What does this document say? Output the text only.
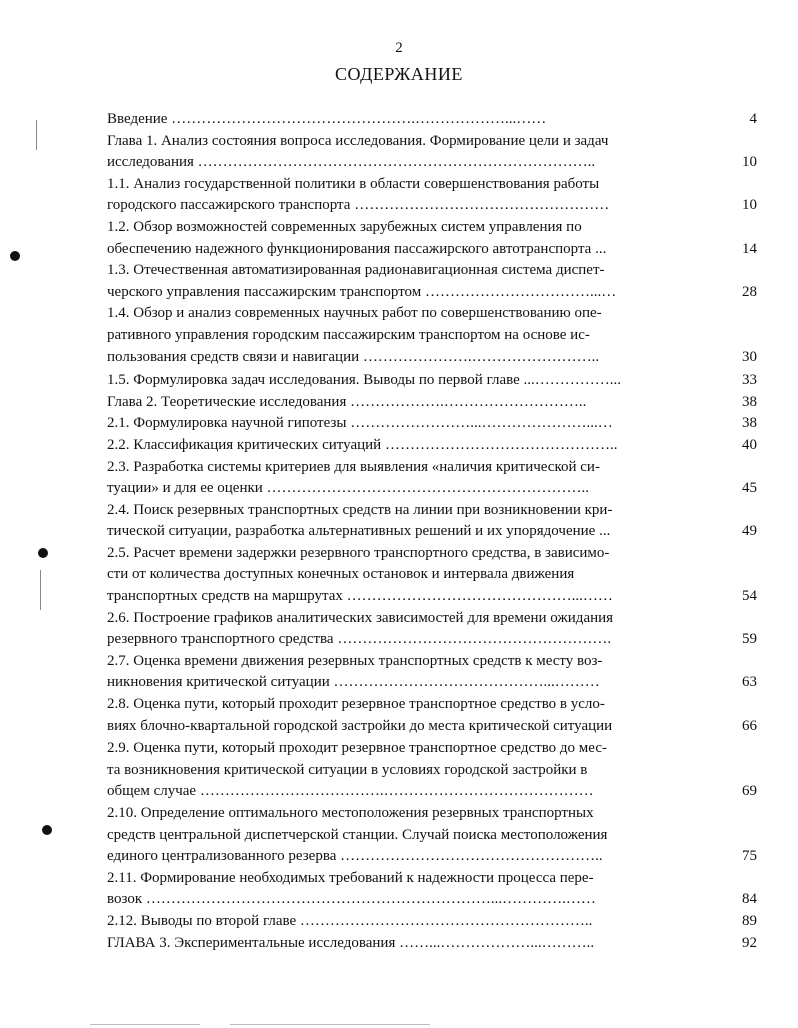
2
СОДЕРЖАНИЕ
Введение ………………………………………….………………...……	4
Глава 1. Анализ состояния вопроса исследования. Формирование цели и задач
исследования ……………………………………………………………………..	10
1.1. Анализ государственной политики в области совершенствования работы
городского пассажирского транспорта ……………………………………………	10
1.2. Обзор возможностей современных зарубежных систем управления по
обеспечению надежного функционирования пассажирского автотранспорта ...	14
1.3. Отечественная автоматизированная радионавигационная система диспет-
черского управления пассажирским транспортом ……………………………...…	28
1.4. Обзор и анализ современных научных работ по совершенствованию опе-
ративного управления городским пассажирским транспортом на основе ис-
пользования средств связи и навигации ………………….……………………..	30
1.5. Формулировка задач исследования. Выводы по первой главе ...……………...	33
Глава 2. Теоретические исследования ……………….………………………..	38
2.1. Формулировка научной гипотезы ……………………...…………………...…	38
2.2. Классификация критических ситуаций ………………………………………..	40
2.3. Разработка системы критериев для выявления «наличия критической си-
туации» и для ее оценки ………………………………………………………..	45
2.4. Поиск резервных транспортных средств на линии при возникновении кри-
тической ситуации, разработка альтернативных решений и их упорядочение ...	49
2.5. Расчет времени задержки резервного транспортного средства, в зависимо-
сти от количества доступных конечных остановок и интервала движения
транспортных средств на маршрутах ………………………………………...……	54
2.6. Построение графиков аналитических зависимостей для времени ожидания
резервного транспортного средства ……………………………………………….	59
2.7. Оценка времени движения резервных транспортных средств к месту воз-
никновения критической ситуации ……………………………………...………	63
2.8. Оценка пути, который проходит резервное транспортное средство в усло-
виях блочно-квартальной городской застройки до места критической ситуации	66
2.9. Оценка пути, который проходит резервное транспортное средство до мес-
та возникновения критической ситуации в условиях городской застройки в
общем случае ……………………………….……………………………………	69
2.10. Определение оптимального местоположения резервных транспортных
средств центральной диспетчерской станции. Случай поиска местоположения
единого централизованного резерва ……………………………………………..	75
2.11. Формирование необходимых требований к надежности процесса пере-
возок ……………………………………………………………...………….……	84
2.12. Выводы по второй главе …………………………………………………..	89
ГЛАВА 3. Экспериментальные исследования ……...………………...………..	92
